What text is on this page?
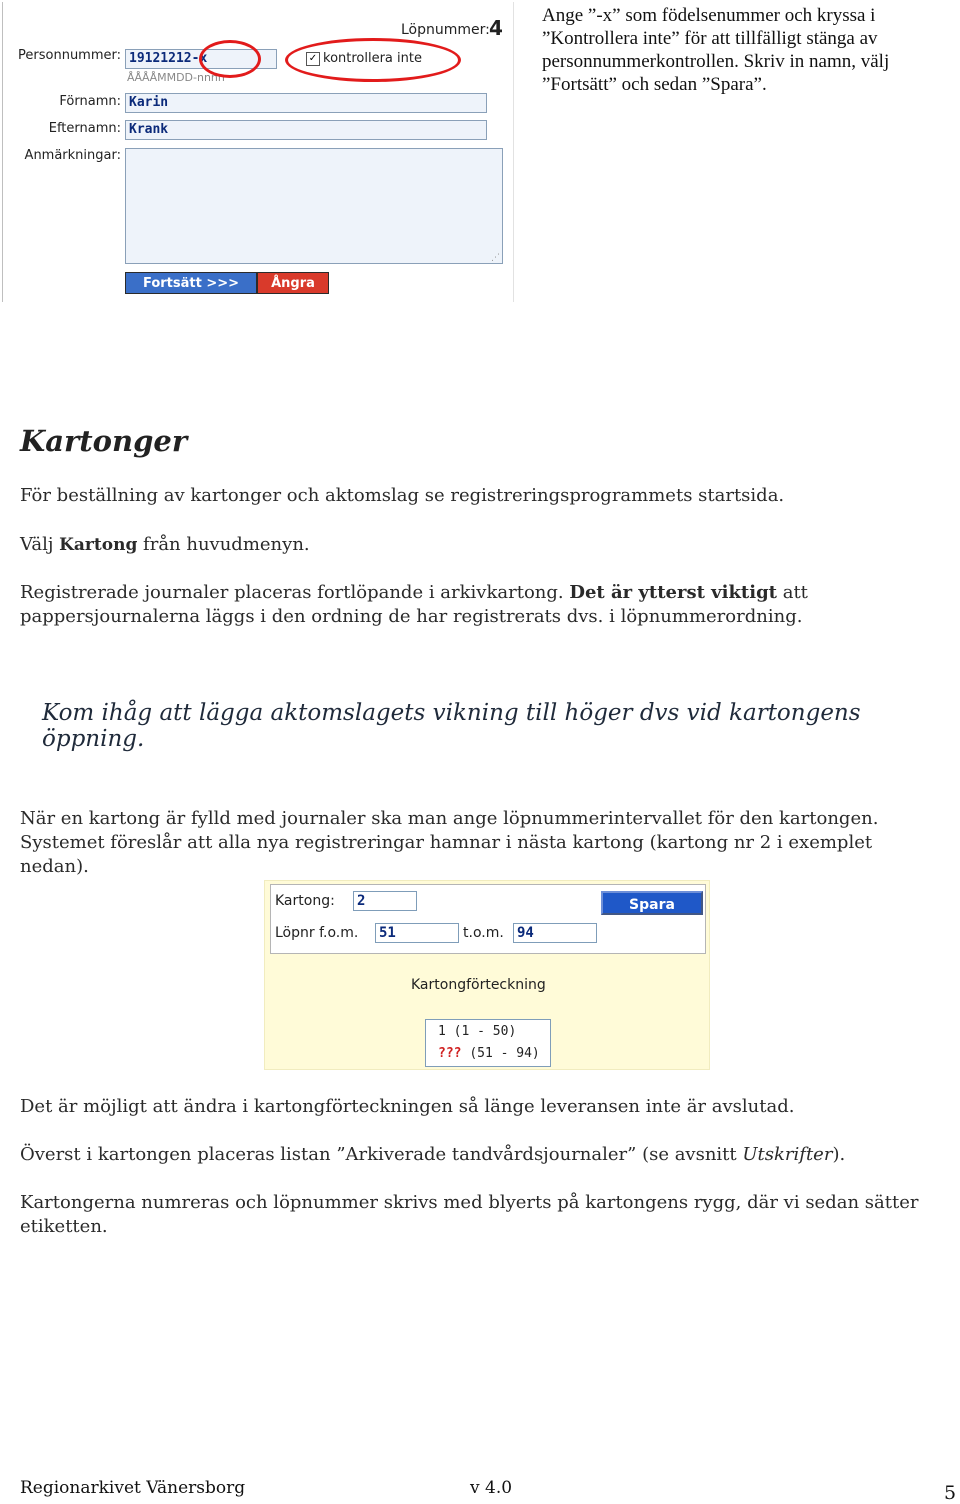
Löpnummer: 4
Personnummer: 19121212-x
ÅÅÅÅMMDD-nnnn
✓ kontrollera inte
Förnamn: Karin
Efternamn: Krank
Anmärkningar:
⋰
Fortsätt >>>	Ångra
Ange ”-x” som födelsenummer och kryssa i ”Kontrollera inte” för att tillfälligt stänga av personnummerkontrollen. Skriv in namn, välj ”Fortsätt” och sedan ”Spara”.
Kartonger
För beställning av kartonger och aktomslag se registreringsprogrammets startsida.
Välj Kartong från huvudmenyn.
Registrerade journaler placeras fortlöpande i arkivkartong. Det är ytterst viktigt att pappersjournalerna läggs i den ordning de har registrerats dvs. i löpnummerordning.
Kom ihåg att lägga aktomslagets vikning till höger dvs vid kartongens öppning.
När en kartong är fylld med journaler ska man ange löpnummerintervallet för den kartongen. Systemet föreslår att alla nya registreringar hamnar i nästa kartong (kartong nr 2 i exemplet nedan).
Kartong: 2	Spara
Löpnr f.o.m. 51	t.o.m. 94
Kartongförteckning
1 (1 - 50)
??? (51 - 94)
Det är möjligt att ändra i kartongförteckningen så länge leveransen inte är avslutad.
Överst i kartongen placeras listan ”Arkiverade tandvårdsjournaler” (se avsnitt Utskrifter).
Kartongerna numreras och löpnummer skrivs med blyerts på kartongens rygg, där vi sedan sätter etiketten.
Regionarkivet Vänersborg	v 4.0	5
